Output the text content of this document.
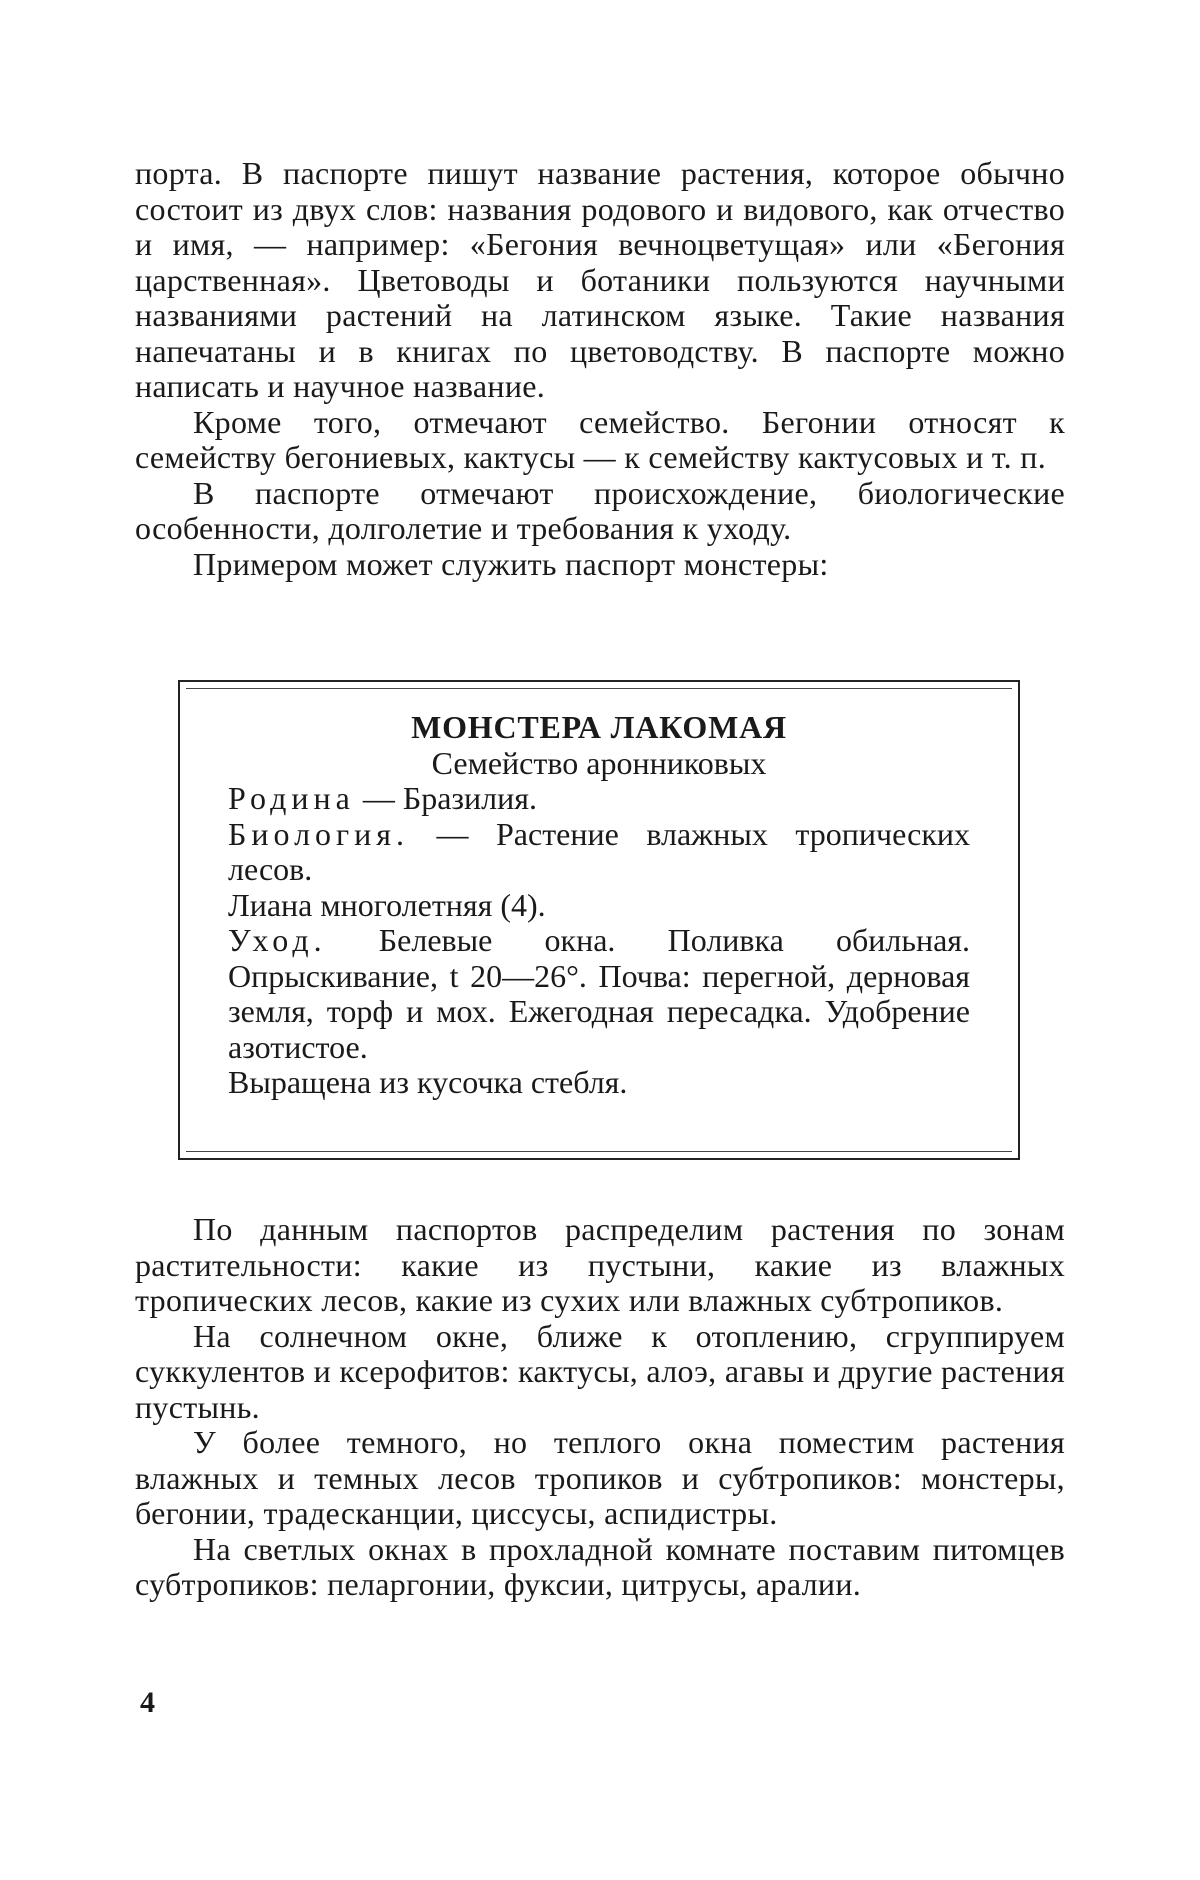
порта. В паспорте пишут название растения, которое обычно состоит из двух слов: названия родового и видового, как отчество и имя, — например: «Бегония вечноцветущая» или «Бегония царственная». Цветоводы и ботаники пользуются научными названиями растений на латинском языке. Такие названия напечатаны и в книгах по цветоводству. В паспорте можно написать и научное название.

Кроме того, отмечают семейство. Бегонии относят к семейству бегониевых, кактусы — к семейству кактусовых и т. п.

В паспорте отмечают происхождение, биологические особенности, долголетие и требования к уходу.

Примером может служить паспорт монстеры:

МОНСТЕРА ЛАКОМАЯ

Семейство аронниковых

Родина — Бразилия.

Биология. — Растение влажных тропических лесов.

Лиана многолетняя (4).

Уход. Белевые окна. Поливка обильная. Опрыскивание, t 20—26°. Почва: перегной, дерновая земля, торф и мох. Ежегодная пересадка. Удобрение азотистое.

Выращена из кусочка стебля.

По данным паспортов распределим растения по зонам растительности: какие из пустыни, какие из влажных тропических лесов, какие из сухих или влажных субтропиков.

На солнечном окне, ближе к отоплению, сгруппируем суккулентов и ксерофитов: кактусы, алоэ, агавы и другие растения пустынь.

У более темного, но теплого окна поместим растения влажных и темных лесов тропиков и субтропиков: монстеры, бегонии, традесканции, циссусы, аспидистры.

На светлых окнах в прохладной комнате поставим питомцев субтропиков: пеларгонии, фуксии, цитрусы, аралии.

4
